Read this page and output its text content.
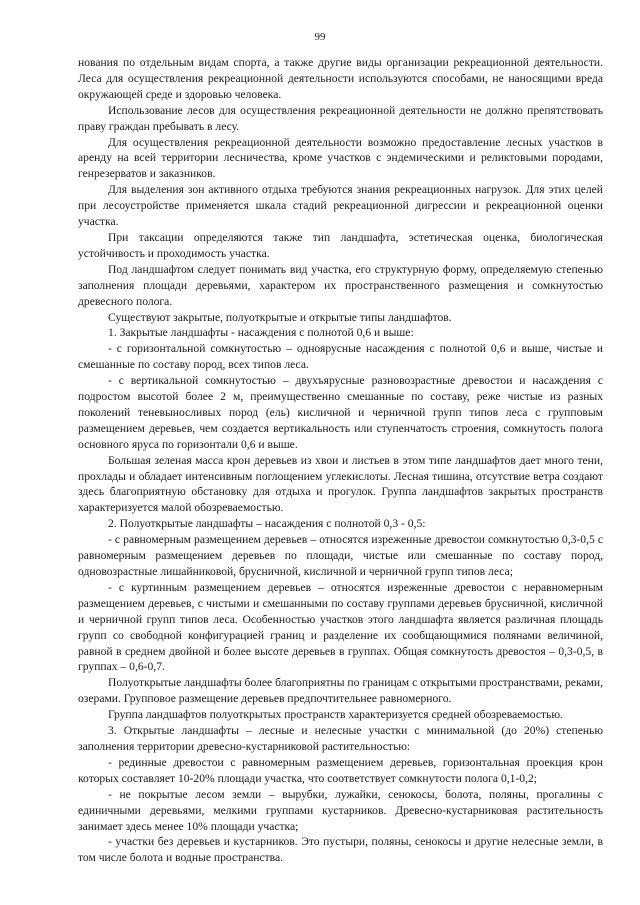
99

нования по отдельным видам спорта, а также другие виды организации рекреационной деятельности. Леса для осуществления рекреационной деятельности используются способами, не наносящими вреда окружающей среде и здоровью человека.

Использование лесов для осуществления рекреационной деятельности не должно препятствовать праву граждан пребывать в лесу.

Для осуществления рекреационной деятельности возможно предоставление лесных участков в аренду на всей территории лесничества, кроме участков с эндемическими и реликтовыми породами, генрезерватов и заказников.

Для выделения зон активного отдыха требуются знания рекреационных нагрузок. Для этих целей при лесоустройстве применяется шкала стадий рекреационной дигрессии и рекреационной оценки участка.

При таксации определяются также тип ландшафта, эстетическая оценка, биологическая устойчивость и проходимость участка.

Под ландшафтом следует понимать вид участка, его структурную форму, определяемую степенью заполнения площади деревьями, характером их пространственного размещения и сомкнутостью древесного полога.

Существуют закрытые, полуоткрытые и открытые типы ландшафтов.

1. Закрытые ландшафты - насаждения с полнотой 0,6 и выше:

- с горизонтальной сомкнутостью – одноярусные насаждения с полнотой 0,6 и выше, чистые и смешанные по составу пород, всех типов леса.

- с вертикальной сомкнутостью – двухъярусные разновозрастные древостои и насаждения с подростом высотой более 2 м, преимущественно смешанные по составу, реже чистые из разных поколений теневыносливых пород (ель) кисличной и черничной групп типов леса с групповым размещением деревьев, чем создается вертикальность или ступенчатость строения, сомкнутость полога основного яруса по горизонтали 0,6 и выше.

Большая зеленая масса крон деревьев из хвои и листьев в этом типе ландшафтов дает много тени, прохлады и обладает интенсивным поглощением углекислоты. Лесная тишина, отсутствие ветра создают здесь благоприятную обстановку для отдыха и прогулок. Группа ландшафтов закрытых пространств характеризуется малой обозреваемостью.

2. Полуоткрытые ландшафты – насаждения с полнотой 0,3 - 0,5:

- с равномерным размещением деревьев – относятся изреженные древостои сомкнутостью 0,3-0,5 с равномерным размещением деревьев по площади, чистые или смешанные по составу пород, одновозрастные лишайниковой, брусничной, кисличной и черничной групп типов леса;

- с куртинным размещением деревьев – относятся изреженные древостои с неравномерным размещением деревьев, с чистыми и смешанными по составу группами деревьев брусничной, кисличной и черничной групп типов леса. Особенностью участков этого ландшафта является различная площадь групп со свободной конфигурацией границ и разделение их сообщающимися полянами величиной, равной в среднем двойной и более высоте деревьев в группах. Общая сомкнутость древостоя – 0,3-0,5, в группах – 0,6-0,7.

Полуоткрытые ландшафты более благоприятны по границам с открытыми пространствами, реками, озерами. Групповое размещение деревьев предпочтительнее равномерного.

Группа ландшафтов полуоткрытых пространств характеризуется средней обозреваемостью.

3. Открытые ландшафты – лесные и нелесные участки с минимальной (до 20%) степенью заполнения территории древесно-кустарниковой растительностью:

- рединные древостои с равномерным размещением деревьев, горизонтальная проекция крон которых составляет 10-20% площади участка, что соответствует сомкнутости полога 0,1-0,2;

- не покрытые лесом земли – вырубки, лужайки, сенокосы, болота, поляны, прогалины с единичными деревьями, мелкими группами кустарников. Древесно-кустарниковая растительность занимает здесь менее 10% площади участка;

- участки без деревьев и кустарников. Это пустыри, поляны, сенокосы и другие нелесные земли, в том числе болота и водные пространства.
